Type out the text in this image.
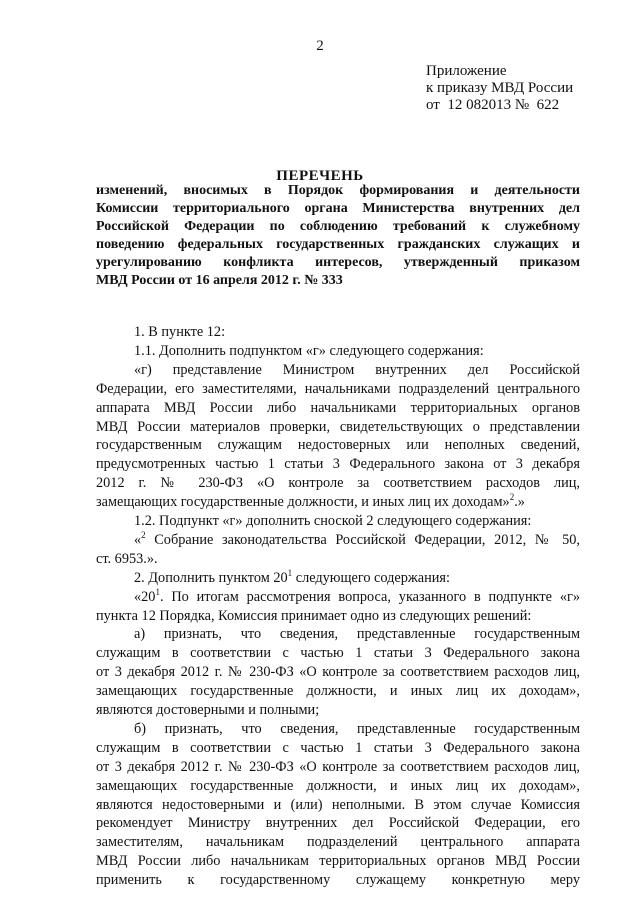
2
Приложение
к приказу МВД России
от  12 082013 №  622
ПЕРЕЧЕНЬ
изменений, вносимых в Порядок формирования и деятельности
Комиссии территориального органа Министерства внутренних дел
Российской Федерации по соблюдению требований к служебному
поведению федеральных государственных гражданских служащих и
урегулированию конфликта интересов, утвержденный приказом
МВД России от 16 апреля 2012 г. № 333
1. В пункте 12:
1.1. Дополнить подпунктом «г» следующего содержания:
«г) представление Министром внутренних дел Российской
Федерации, его заместителями, начальниками подразделений центрального
аппарата МВД России либо начальниками территориальных органов
МВД России материалов проверки, свидетельствующих о представлении
государственным служащим недостоверных или неполных сведений,
предусмотренных частью 1 статьи 3 Федерального закона от 3 декабря
2012 г. № 230-ФЗ «О контроле за соответствием расходов лиц,
замещающих государственные должности, и иных лиц их доходам»$^2$.»
1.2. Подпункт «г» дополнить сноской 2 следующего содержания:
«$^2$ Собрание законодательства Российской Федерации, 2012, № 50,
ст. 6953.».
2. Дополнить пунктом $20^1$ следующего содержания:
«$20^1$. По итогам рассмотрения вопроса, указанного в подпункте «г»
пункта 12 Порядка, Комиссия принимает одно из следующих решений:
а) признать, что сведения, представленные государственным
служащим в соответствии с частью 1 статьи 3 Федерального закона
от 3 декабря 2012 г. № 230-ФЗ «О контроле за соответствием расходов лиц,
замещающих государственные должности, и иных лиц их доходам»,
являются достоверными и полными;
б) признать, что сведения, представленные государственным
служащим в соответствии с частью 1 статьи 3 Федерального закона
от 3 декабря 2012 г. № 230-ФЗ «О контроле за соответствием расходов лиц,
замещающих государственные должности, и иных лиц их доходам»,
являются недостоверными и (или) неполными. В этом случае Комиссия
рекомендует Министру внутренних дел Российской Федерации, его
заместителям, начальникам подразделений центрального аппарата
МВД России либо начальникам территориальных органов МВД России
применить к государственному служащему конкретную меру
